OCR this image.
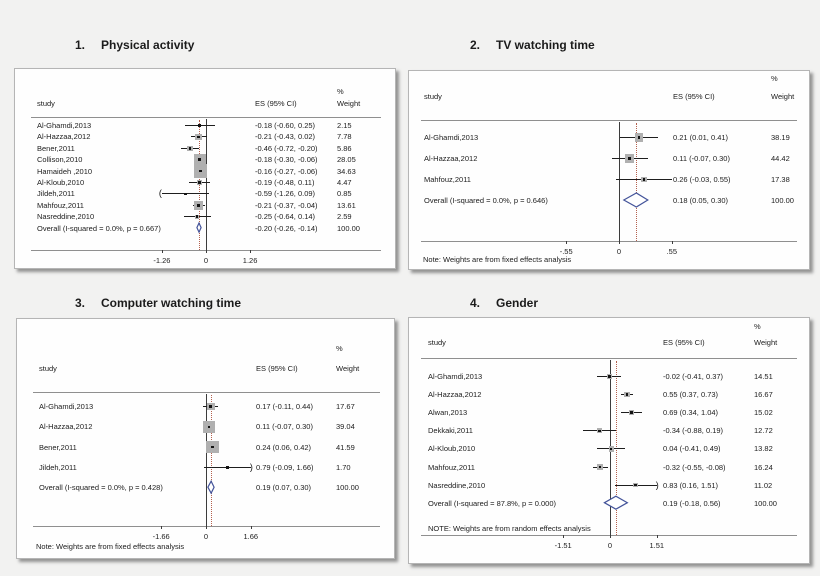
1. Physical activity	2. TV watching time
3. Computer watching time	4. Gender
%
study	ES (95% CI)	Weight
Al-Ghamdi,2013	-0.18 (-0.60, 0.25)	2.15
Al-Hazzaa,2012	-0.21 (-0.43, 0.02)	7.78
Bener,2011	-0.46 (-0.72, -0.20)	5.86
Collison,2010	-0.18 (-0.30, -0.06)	28.05
Hamaideh ,2010	-0.16 (-0.27, -0.06)	34.63
Al-Kloub,2010	-0.19 (-0.48, 0.11)	4.47
Jildeh,2011	-0.59 (-1.26, 0.09)	0.85
(
Mahfouz,2011	-0.21 (-0.37, -0.04)	13.61
Nasreddine,2010	-0.25 (-0.64, 0.14)	2.59
Overall (I-squared = 0.0%, p = 0.667)	-0.20 (-0.26, -0.14)	100.00
-1.26	0	1.26
%
study	ES (95% CI)	Weight
Note: Weights are from fixed effects analysis
Al-Ghamdi,2013	0.21 (0.01, 0.41)	38.19
Al-Hazzaa,2012	0.11 (-0.07, 0.30)	44.42
Mahfouz,2011	0.26 (-0.03, 0.55)	17.38
Overall (I-squared = 0.0%, p = 0.646)	0.18 (0.05, 0.30)	100.00
-.55	0	.55
%
study	ES (95% CI)	Weight
Note: Weights are from fixed effects analysis
Al-Ghamdi,2013	0.17 (-0.11, 0.44)	17.67
Al-Hazzaa,2012	0.11 (-0.07, 0.30)	39.04
Bener,2011	0.24 (0.06, 0.42)	41.59
Jildeh,2011	0.79 (-0.09, 1.66)	1.70
)
Overall (I-squared = 0.0%, p = 0.428)	0.19 (0.07, 0.30)	100.00
-1.66	0	1.66
%
study	ES (95% CI)	Weight
NOTE: Weights are from random effects analysis
Al-Ghamdi,2013	-0.02 (-0.41, 0.37)	14.51
Al-Hazzaa,2012	0.55 (0.37, 0.73)	16.67
Alwan,2013	0.69 (0.34, 1.04)	15.02
Dekkaki,2011	-0.34 (-0.88, 0.19)	12.72
Al-Kloub,2010	0.04 (-0.41, 0.49)	13.82
Mahfouz,2011	-0.32 (-0.55, -0.08)	16.24
Nasreddine,2010	0.83 (0.16, 1.51)	11.02
)
Overall (I-squared = 87.8%, p = 0.000)	0.19 (-0.18, 0.56)	100.00
-1.51	0	1.51
